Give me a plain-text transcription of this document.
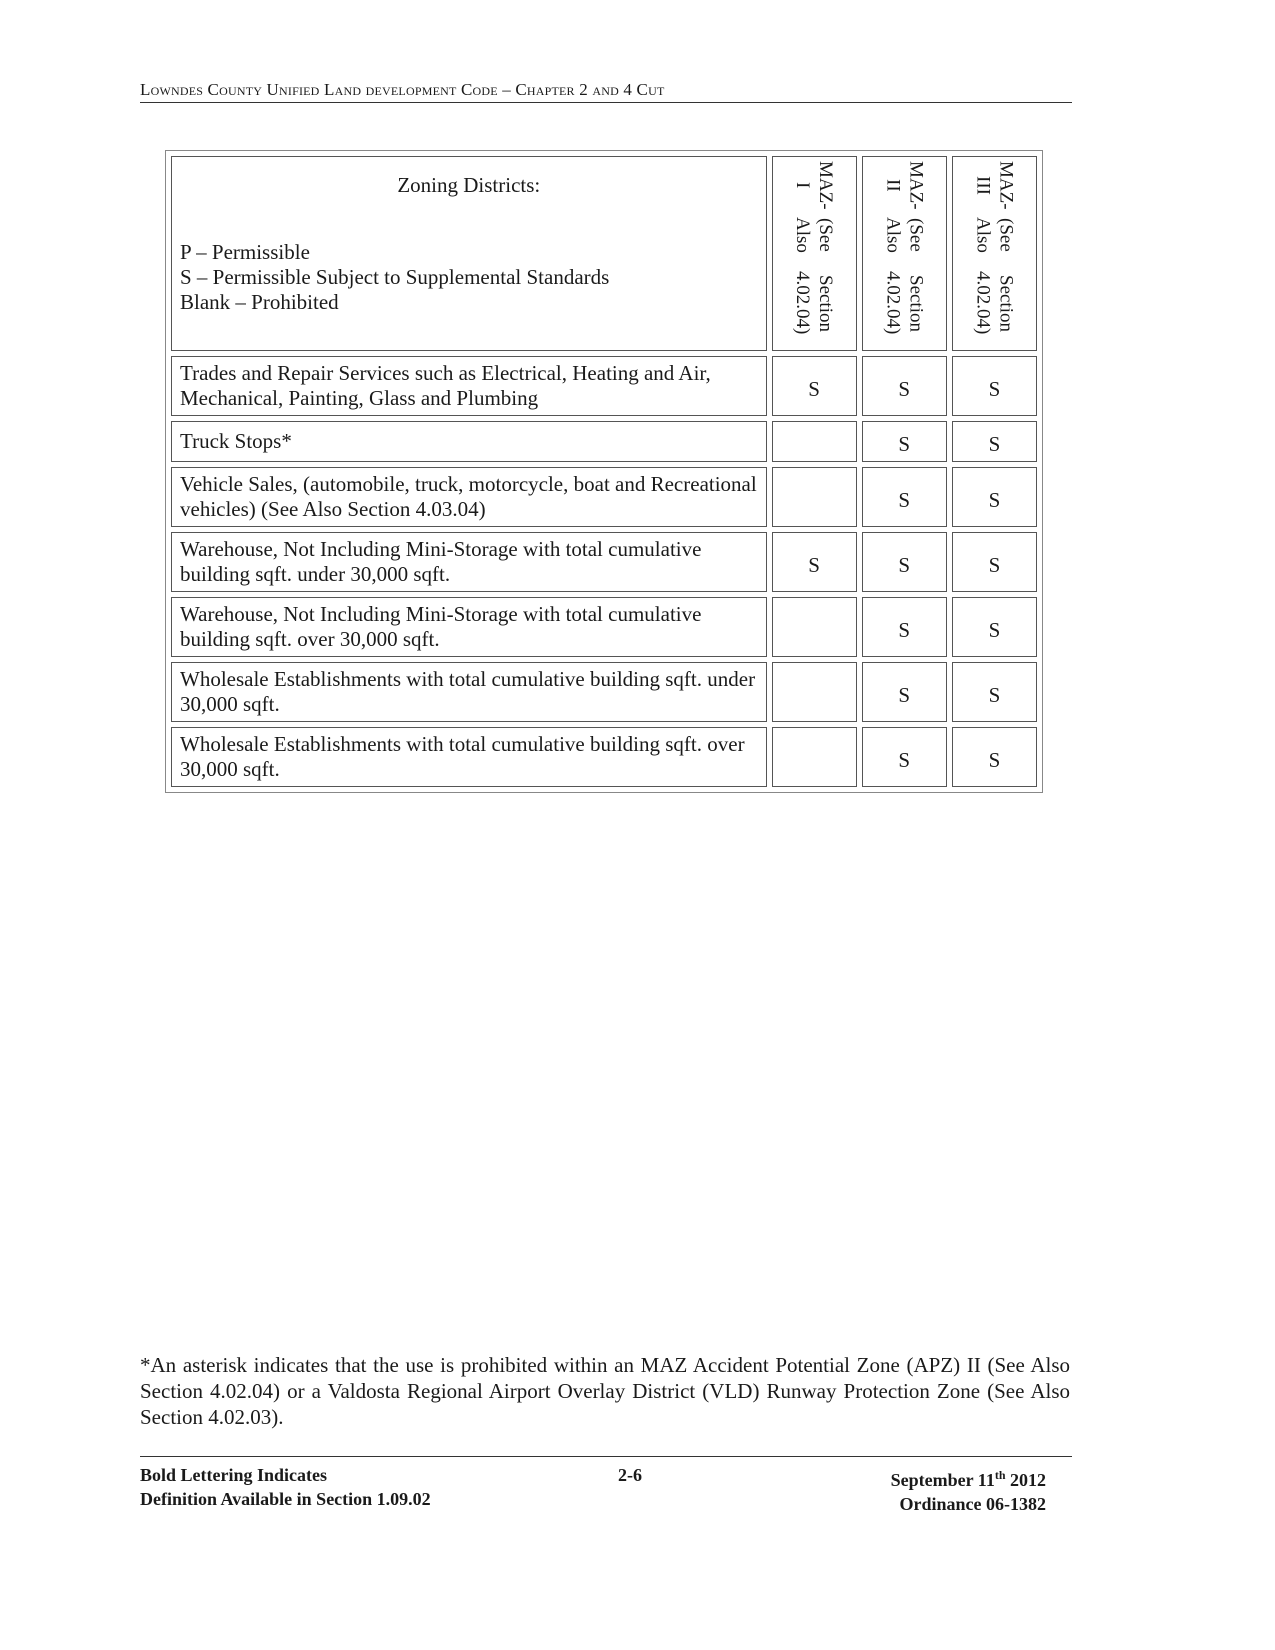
Lowndes County Unified Land development Code – Chapter 2 and 4 Cut
Zoning Districts:
P – Permissible
S – Permissible Subject to Supplemental Standards
Blank – Prohibited	MAZ-I
(See Also
Section 4.02.04)	MAZ-II
(See Also
Section 4.02.04)	MAZ-III
(See Also
Section 4.02.04)

Trades and Repair Services such as Electrical, Heating and Air, Mechanical, Painting, Glass and Plumbing	S	S	S
Truck Stops*		S	S
Vehicle Sales, (automobile, truck, motorcycle, boat and Recreational vehicles) (See Also Section 4.03.04)		S	S
Warehouse, Not Including Mini-Storage with total cumulative building sqft. under 30,000 sqft.	S	S	S
Warehouse, Not Including Mini-Storage with total cumulative building sqft. over 30,000 sqft.		S	S
Wholesale Establishments with total cumulative building sqft. under 30,000 sqft.		S	S
Wholesale Establishments with total cumulative building sqft. over 30,000 sqft.		S	S
*An asterisk indicates that the use is prohibited within an MAZ Accident Potential Zone (APZ) II (See Also Section 4.02.04) or a Valdosta Regional Airport Overlay District (VLD) Runway Protection Zone (See Also Section 4.02.03).
Bold Lettering Indicates
Definition Available in Section 1.09.02
2-6	September 11th 2012
Ordinance 06-1382
